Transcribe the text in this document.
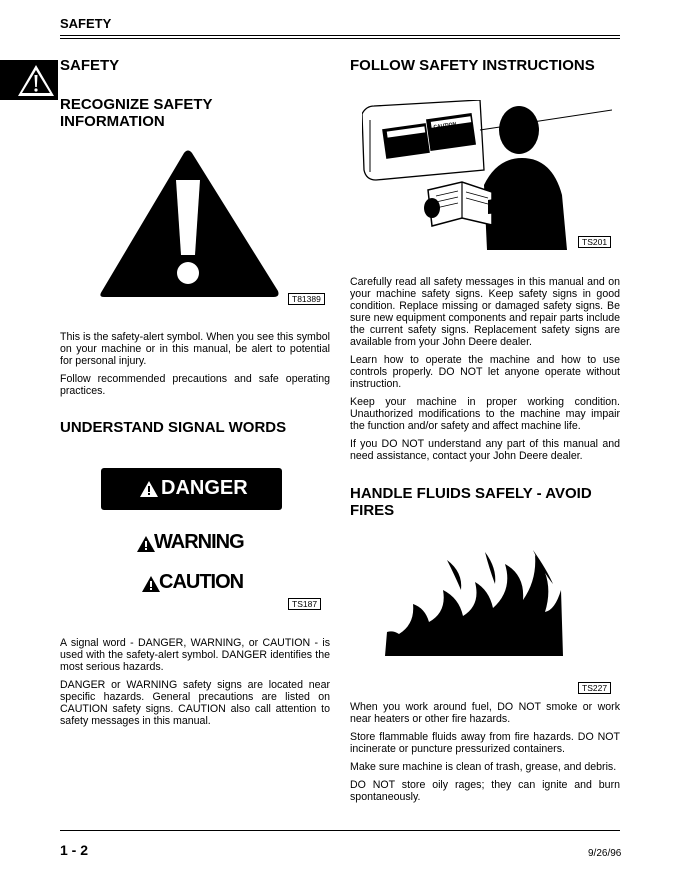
SAFETY
SAFETY
RECOGNIZE SAFETY
INFORMATION
T81389

This is the safety-alert symbol. When you see this symbol on your machine or in this manual, be alert to potential for personal injury.

Follow recommended precautions and safe operating practices.

UNDERSTAND SIGNAL WORDS
DANGER
WARNING
CAUTION
TS187

A signal word - DANGER, WARNING, or CAUTION - is used with the safety-alert symbol. DANGER identifies the most serious hazards.

DANGER or WARNING safety signs are located near specific hazards. General precautions are listed on CAUTION safety signs. CAUTION also call attention to safety messages in this manual.

FOLLOW SAFETY INSTRUCTIONS
CAUTION
TS201

Carefully read all safety messages in this manual and on your machine safety signs. Keep safety signs in good condition. Replace missing or damaged safety signs. Be sure new equipment components and repair parts include the current safety signs. Replacement safety signs are available from your John Deere dealer.

Learn how to operate the machine and how to use controls properly. DO NOT let anyone operate without instruction.

Keep your machine in proper working condition. Unauthorized modifications to the machine may impair the function and/or safety and affect machine life.

If you DO NOT understand any part of this manual and need assistance, contact your John Deere dealer.

HANDLE FLUIDS SAFELY - AVOID
FIRES
TS227

When you work around fuel, DO NOT smoke or work near heaters or other fire hazards.

Store flammable fluids away from fire hazards. DO NOT incinerate or puncture pressurized containers.

Make sure machine is clean of trash, grease, and debris.

DO NOT store oily rages; they can ignite and burn spontaneously.

1 - 2	9/26/96
